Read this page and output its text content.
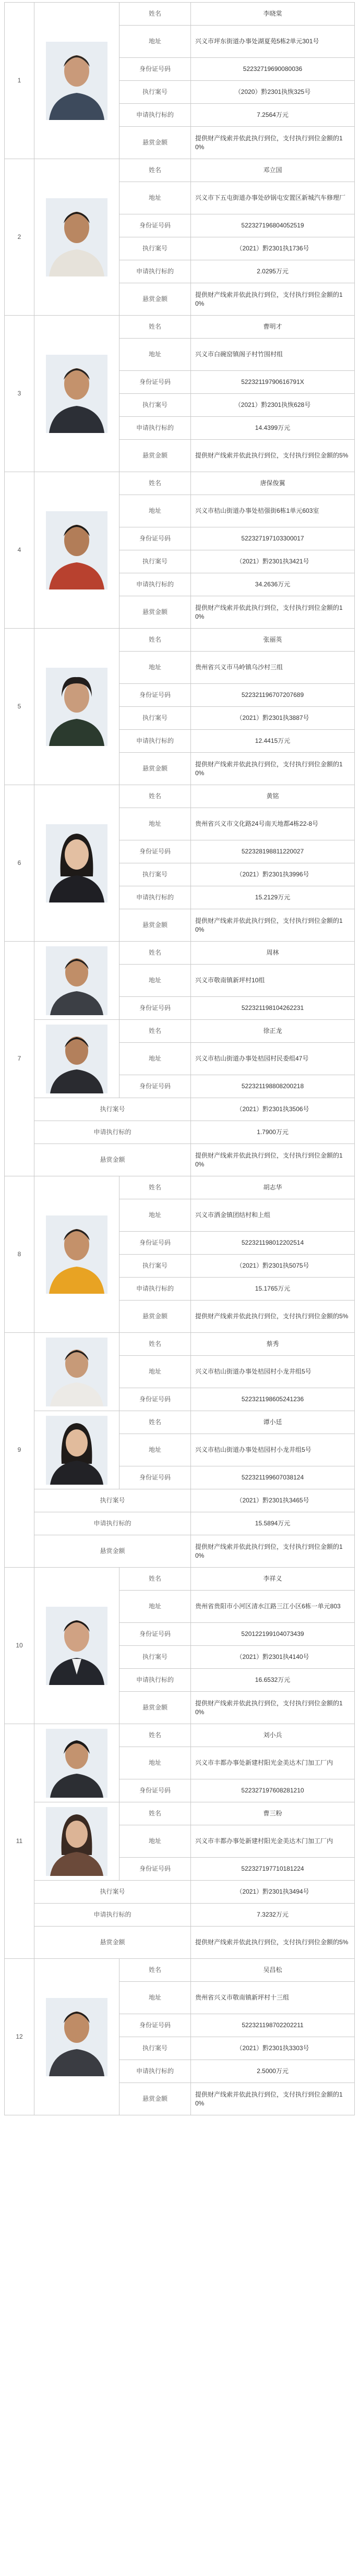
1		姓名	李晓棠
		地址	兴义市坪东街道办事处湖夏苑5栋2单元301号
		身份证号码	52232719690080036
		执行案号	（2020）黔2301执恢325号
		申请执行标的	7.2564万元
		悬赏金额	提供财产线索并依此执行到位，支付执行到位金额的10%
2		姓名	邓立国
		地址	兴义市下五屯街道办事处砂锅屯安置区新城汽车修理厂
		身份证号码	522327196804052519
		执行案号	（2021）黔2301执1736号
		申请执行标的	2.0295万元
		悬赏金额	提供财产线索并依此执行到位，支付执行到位金额的10%
3		姓名	曹明才
		地址	兴义市白碗窑镇阁子村竹围村组
		身份证号码	52232119790616791X
		执行案号	（2021）黔2301执恢628号
		申请执行标的	14.4399万元
		悬赏金额	提供财产线索并依此执行到位，支付执行到位金额的5%
4		姓名	唐保俊翼
		地址	兴义市桔山街道办事处桔强街6栋1单元603室
		身份证号码	522327197103300017
		执行案号	（2021）黔2301执3421号
		申请执行标的	34.2636万元
		悬赏金额	提供财产线索并依此执行到位，支付执行到位金额的10%
5		姓名	张丽英
		地址	贵州省兴义市马岭镇乌沙村三组
		身份证号码	522321196707207689
		执行案号	（2021）黔2301执3887号
		申请执行标的	12.4415万元
		悬赏金额	提供财产线索并依此执行到位，支付执行到位金额的10%
6		姓名	黄铭
		地址	贵州省兴义市文化路24号南天地都4栋22-8号
		身份证号码	522328198811220027
		执行案号	（2021）黔2301执3996号
		申请执行标的	15.2129万元
		悬赏金额	提供财产线索并依此执行到位，支付执行到位金额的10%
7		姓名	周林
		地址	兴义市敬南镇新坪村10组
		身份证号码	522321198104262231

	姓名	徐正龙
		地址	兴义市桔山街道办事处桔园村民委组47号
		身份证号码	522321198808200218
	执行案号		（2021）黔2301执3506号
	申请执行标的		1.7900万元
	悬赏金额		提供财产线索并依此执行到位，支付执行到位金额的10%
8		姓名	胡志华
		地址	兴义市洒金镇团结村和上组
		身份证号码	522321198012202514
		执行案号	（2021）黔2301执5075号
		申请执行标的	15.1765万元
		悬赏金额	提供财产线索并依此执行到位，支付执行到位金额的5%
9		姓名	蔡秀
		地址	兴义市桔山街道办事处桔园村小龙井组5号
		身份证号码	522321198605241236

	姓名	谭小廷
		地址	兴义市桔山街道办事处桔园村小龙井组5号
		身份证号码	522321199607038124
	执行案号		（2021）黔2301执3465号
	申请执行标的		15.5894万元
	悬赏金额		提供财产线索并依此执行到位，支付执行到位金额的10%
10		姓名	李祥义
		地址	贵州省贵阳市小河区清水江路三江小区6栋一单元803
		身份证号码	520122199104073439
		执行案号	（2021）黔2301执4140号
		申请执行标的	16.6532万元
		悬赏金额	提供财产线索并依此执行到位，支付执行到位金额的10%
11		姓名	刘小兵
		地址	兴义市丰都办事处新建村阳光金美达木门加工厂内
		身份证号码	522327197608281210

	姓名	曹三粉
		地址	兴义市丰都办事处新建村阳光金美达木门加工厂内
		身份证号码	522327197710181224
	执行案号		（2021）黔2301执3494号
	申请执行标的		7.3232万元
	悬赏金额		提供财产线索并依此执行到位，支付执行到位金额的5%
12		姓名	吴昌松
		地址	贵州省兴义市敬南镇新坪村十三组
		身份证号码	522321198702202211
		执行案号	（2021）黔2301执3303号
		申请执行标的	2.5000万元
		悬赏金额	提供财产线索并依此执行到位，支付执行到位金额的10%
